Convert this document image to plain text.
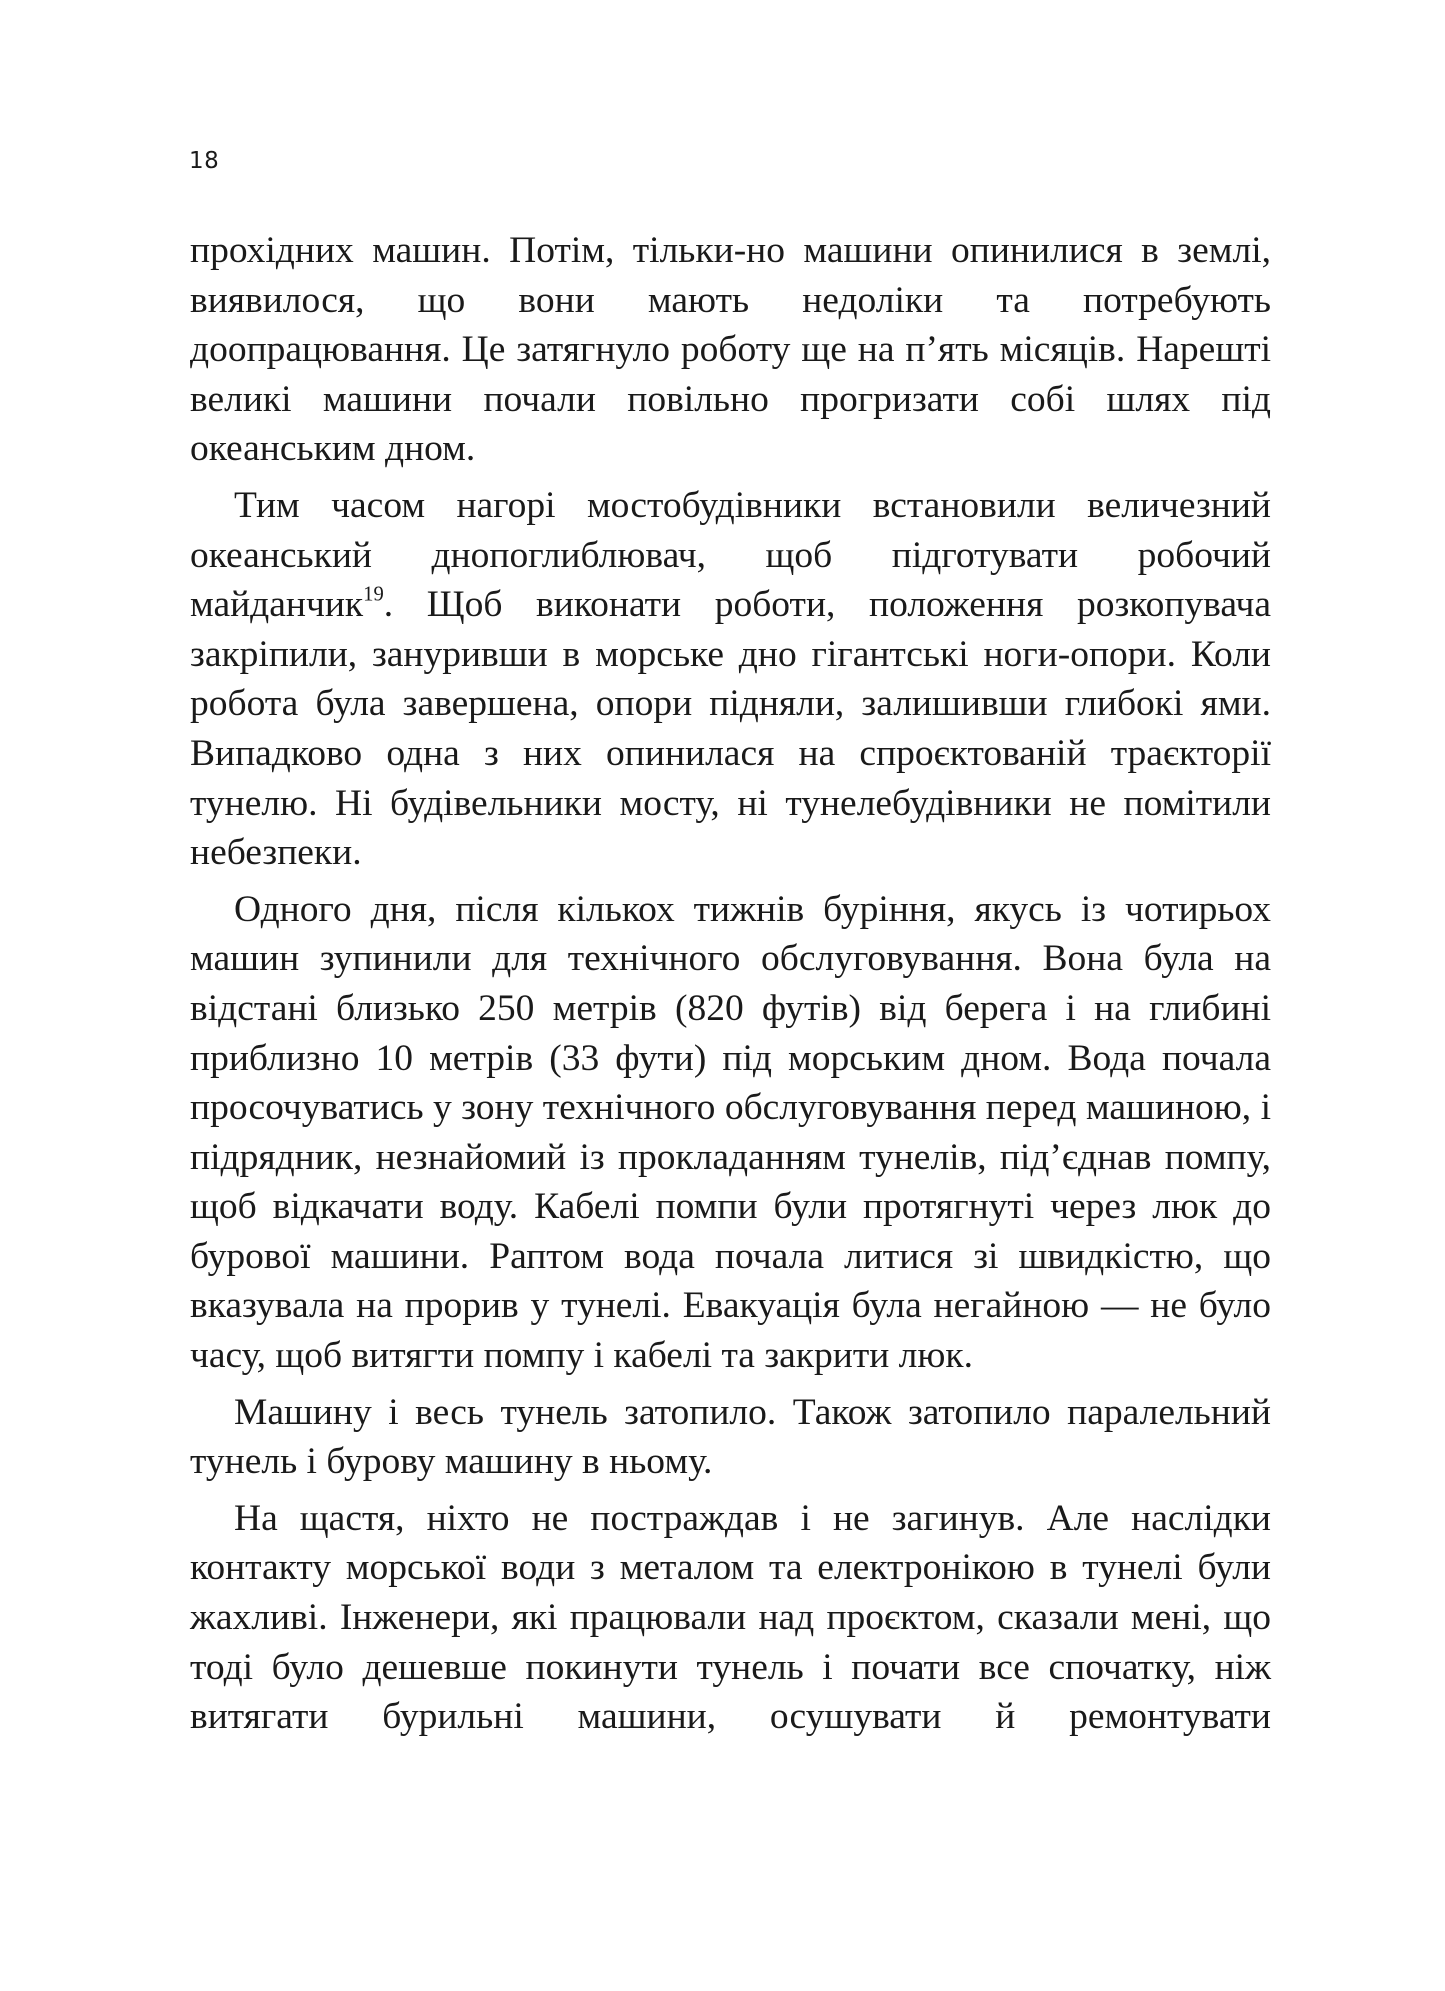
18

прохідних машин. Потім, тільки-но машини опинилися в землі, виявилося, що вони мають недоліки та потребують доопрацювання. Це затягнуло роботу ще на п’ять місяців. Нарешті великі машини почали повільно прогризати собі шлях під океанським дном.

Тим часом нагорі мостобудівники встановили величезний океанський днопоглиблювач, щоб підготувати робочий майданчик$^{19}$. Щоб виконати роботи, положення розкопувача закріпили, зануривши в морське дно гігантські ноги-опори. Коли робота була завершена, опори підняли, залишивши глибокі ями. Випадково одна з них опинилася на спроєктованій траєкторії тунелю. Ні будівельники мосту, ні тунелебудівники не помітили небезпеки.

Одного дня, після кількох тижнів буріння, якусь із чотирьох машин зупинили для технічного обслуговування. Вона була на відстані близько 250 метрів (820 футів) від берега і на глибині приблизно 10 метрів (33 фути) під морським дном. Вода почала просочуватись у зону технічного обслуговування перед машиною, і підрядник, незнайомий із прокладанням тунелів, під’єднав помпу, щоб відкачати воду. Кабелі помпи були протягнуті через люк до бурової машини. Раптом вода почала литися зі швидкістю, що вказувала на прорив у тунелі. Евакуація була негайною — не було часу, щоб витягти помпу і кабелі та закрити люк.

Машину і весь тунель затопило. Також затопило паралельний тунель і бурову машину в ньому.

На щастя, ніхто не постраждав і не загинув. Але наслідки контакту морської води з металом та електронікою в тунелі були жахливі. Інженери, які працювали над проєктом, сказали мені, що тоді було дешевше покинути тунель і почати все спочатку, ніж витягати бурильні машини, осушувати й ремонтувати
